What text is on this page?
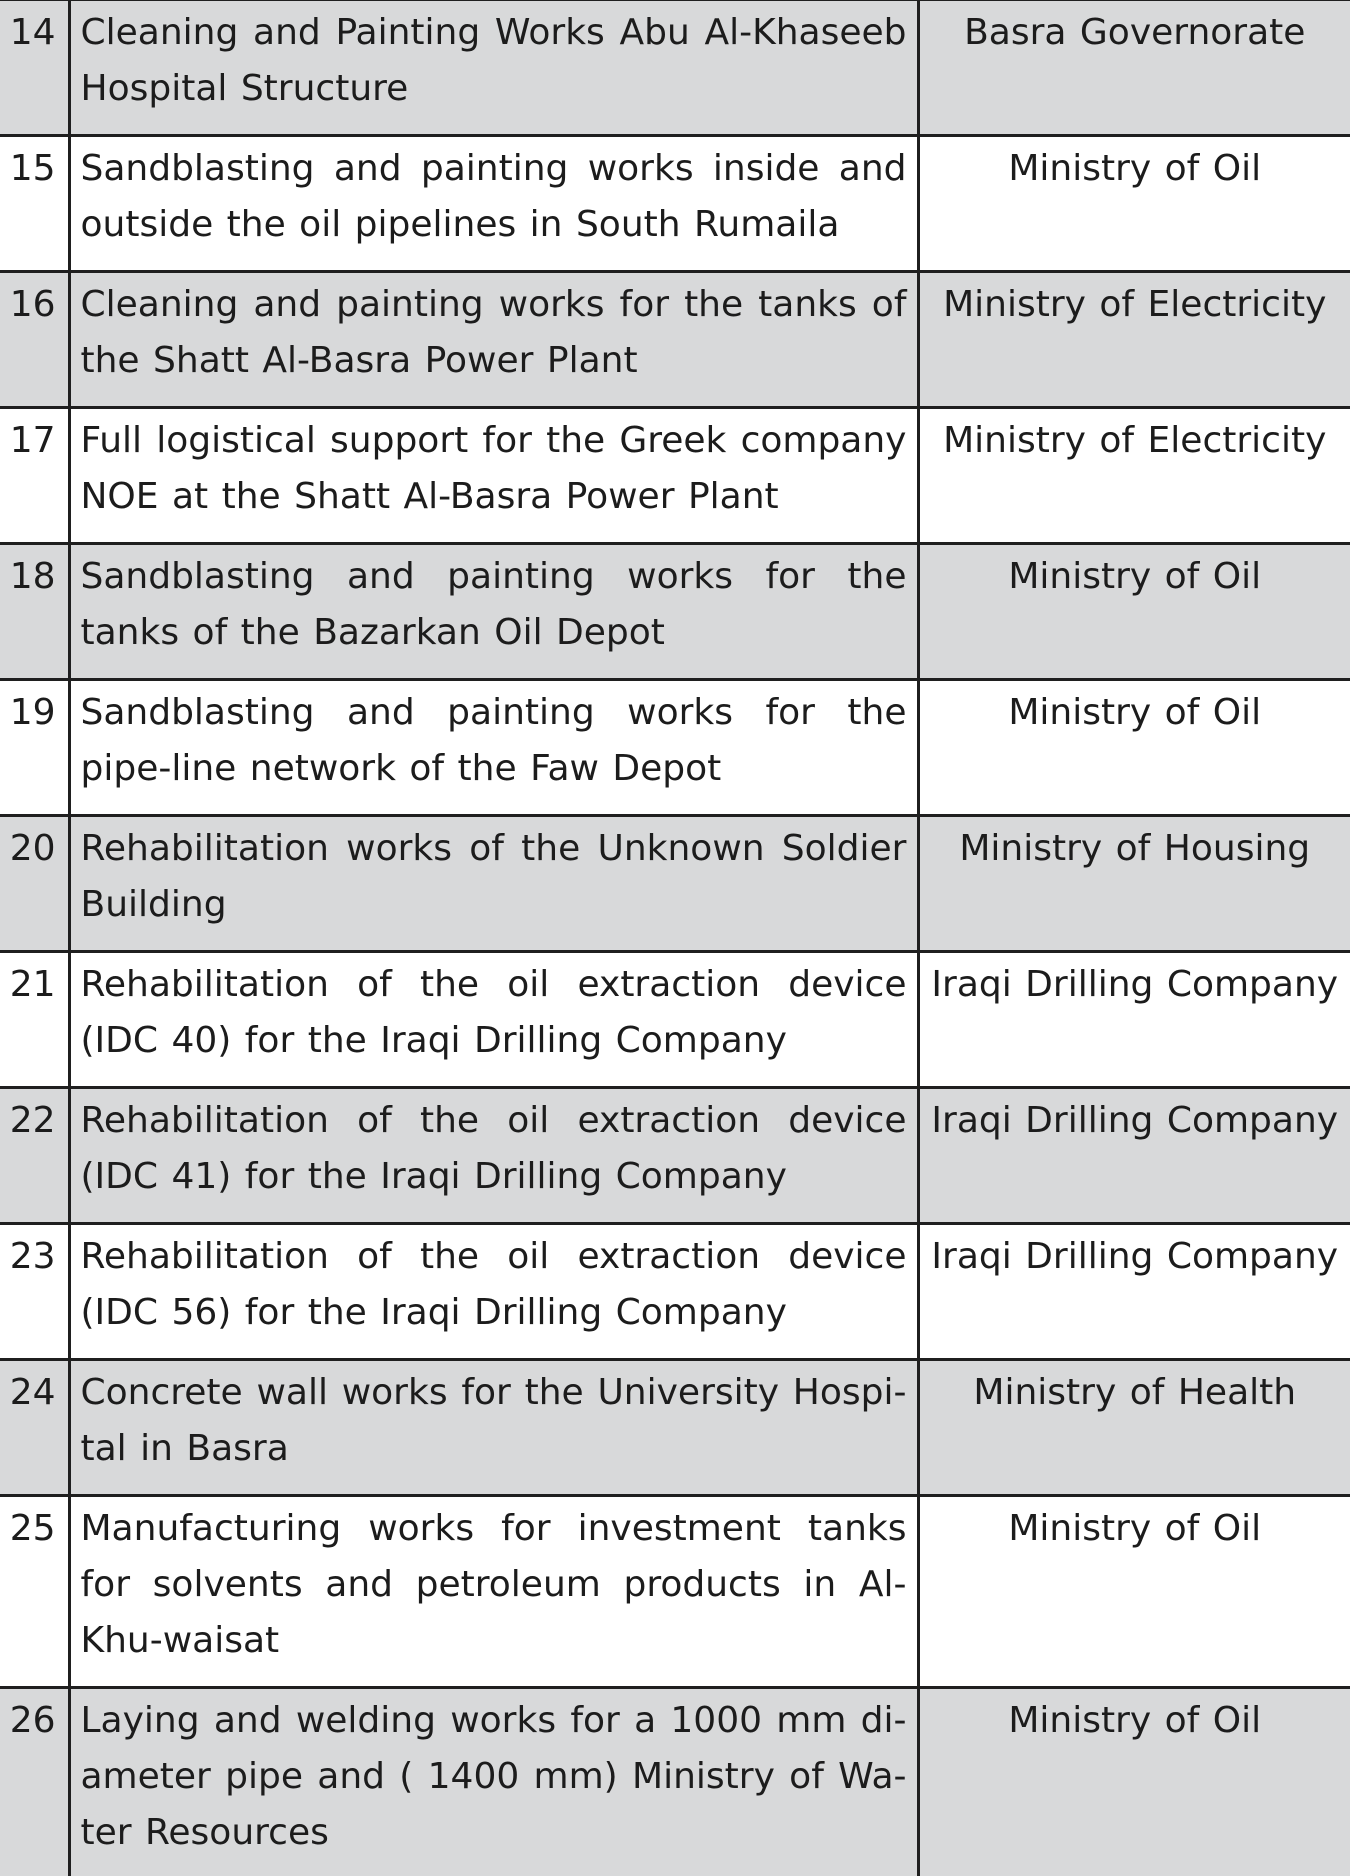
14	Cleaning and Painting Works Abu Al-Khaseeb Hospital Structure	Basra Governorate
15	Sandblasting and painting works inside and outside the oil pipelines in South Rumaila	Ministry of Oil
16	Cleaning and painting works for the tanks of the Shatt Al-Basra Power Plant	Ministry of Electricity
17	Full logistical support for the Greek company NOE at the Shatt Al-Basra Power Plant	Ministry of Electricity
18	Sandblasting and painting works for the tanks of the Bazarkan Oil Depot	Ministry of Oil
19	Sandblasting and painting works for the pipe-line network of the Faw Depot	Ministry of Oil
20	Rehabilitation works of the Unknown Soldier Building	Ministry of Housing
21	Rehabilitation of the oil extraction device (IDC 40) for the Iraqi Drilling Company	Iraqi Drilling Company
22	Rehabilitation of the oil extraction device (IDC 41) for the Iraqi Drilling Company	Iraqi Drilling Company
23	Rehabilitation of the oil extraction device (IDC 56) for the Iraqi Drilling Company	Iraqi Drilling Company
24	Concrete wall works for the University Hospi-tal in Basra	Ministry of Health
25	Manufacturing works for investment tanks for solvents and petroleum products in Al-Khu-waisat	Ministry of Oil
26	Laying and welding works for a 1000 mm di-ameter pipe and ( 1400 mm) Ministry of Wa-ter Resources	Ministry of Oil
